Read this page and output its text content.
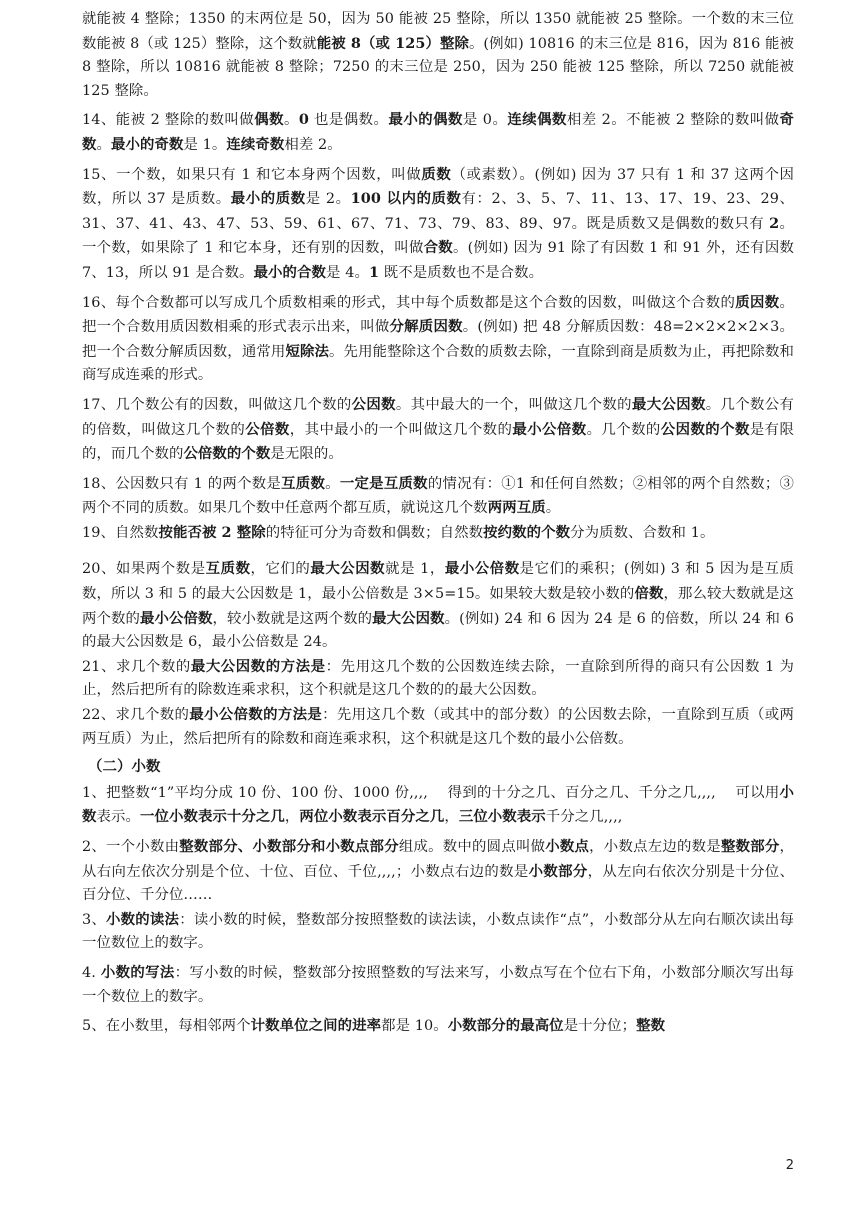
就能被 4 整除；1350 的末两位是 50，因为 50 能被 25 整除，所以 1350 就能被 25 整除。一个数的末三位数能被 8（或 125）整除，这个数就能被 8（或 125）整除。(例如) 10816 的末三位是 816，因为 816 能被 8 整除，所以 10816 就能被 8 整除；7250 的末三位是 250，因为 250 能被 125 整除，所以 7250 就能被 125 整除。

14、能被 2 整除的数叫做偶数。0 也是偶数。最小的偶数是 0。连续偶数相差 2。不能被 2 整除的数叫做奇数。最小的奇数是 1。连续奇数相差 2。

15、一个数，如果只有 1 和它本身两个因数，叫做质数（或素数）。(例如) 因为 37 只有 1 和 37 这两个因数，所以 37 是质数。最小的质数是 2。100 以内的质数有：2、3、5、7、11、13、17、19、23、29、31、37、41、43、47、53、59、61、67、71、73、79、83、89、97。既是质数又是偶数的数只有 2。 一个数，如果除了 1 和它本身，还有别的因数，叫做合数。(例如) 因为 91 除了有因数 1 和 91 外，还有因数 7、13，所以 91 是合数。最小的合数是 4。1 既不是质数也不是合数。

16、每个合数都可以写成几个质数相乘的形式，其中每个质数都是这个合数的因数，叫做这个合数的质因数。把一个合数用质因数相乘的形式表示出来，叫做分解质因数。(例如) 把 48 分解质因数：48=2×2×2×2×3。把一个合数分解质因数，通常用短除法。先用能整除这个合数的质数去除，一直除到商是质数为止，再把除数和商写成连乘的形式。

17、几个数公有的因数，叫做这几个数的公因数。其中最大的一个，叫做这几个数的最大公因数。几个数公有的倍数，叫做这几个数的公倍数，其中最小的一个叫做这几个数的最小公倍数。几个数的公因数的个数是有限的，而几个数的公倍数的个数是无限的。

18、公因数只有 1 的两个数是互质数。一定是互质数的情况有：①1 和任何自然数；②相邻的两个自然数；③两个不同的质数。如果几个数中任意两个都互质，就说这几个数两两互质。

19、自然数按能否被 2 整除的特征可分为奇数和偶数；自然数按约数的个数分为质数、合数和 1。

20、如果两个数是互质数，它们的最大公因数就是 1，最小公倍数是它们的乘积；(例如) 3 和 5 因为是互质数，所以 3 和 5 的最大公因数是 1，最小公倍数是 3×5=15。如果较大数是较小数的倍数，那么较大数就是这两个数的最小公倍数，较小数就是这两个数的最大公因数。(例如) 24 和 6 因为 24 是 6 的倍数，所以 24 和 6 的最大公因数是 6，最小公倍数是 24。

21、求几个数的最大公因数的方法是：先用这几个数的公因数连续去除，一直除到所得的商只有公因数 1 为止，然后把所有的除数连乘求积，这个积就是这几个数的的最大公因数。

22、求几个数的最小公倍数的方法是：先用这几个数（或其中的部分数）的公因数去除，一直除到互质（或两两互质）为止，然后把所有的除数和商连乘求积，这个积就是这几个数的最小公倍数。

（二）小数

1、把整数“1”平均分成 10 份、100 份、1000 份,,,,　 得到的十分之几、百分之几、千分之几,,,,　 可以用小数表示。一位小数表示十分之几，两位小数表示百分之几，三位小数表示千分之几,,,,

2、一个小数由整数部分、小数部分和小数点部分组成。数中的圆点叫做小数点，小数点左边的数是整数部分，从右向左依次分别是个位、十位、百位、千位,,,,；小数点右边的数是小数部分，从左向右依次分别是十分位、百分位、千分位……

3、小数的读法：读小数的时候，整数部分按照整数的读法读，小数点读作“点”，小数部分从左向右顺次读出每一位数位上的数字。

4. 小数的写法：写小数的时候，整数部分按照整数的写法来写，小数点写在个位右下角，小数部分顺次写出每一个数位上的数字。

5、在小数里，每相邻两个计数单位之间的进率都是 10。小数部分的最高位是十分位；整数

2
